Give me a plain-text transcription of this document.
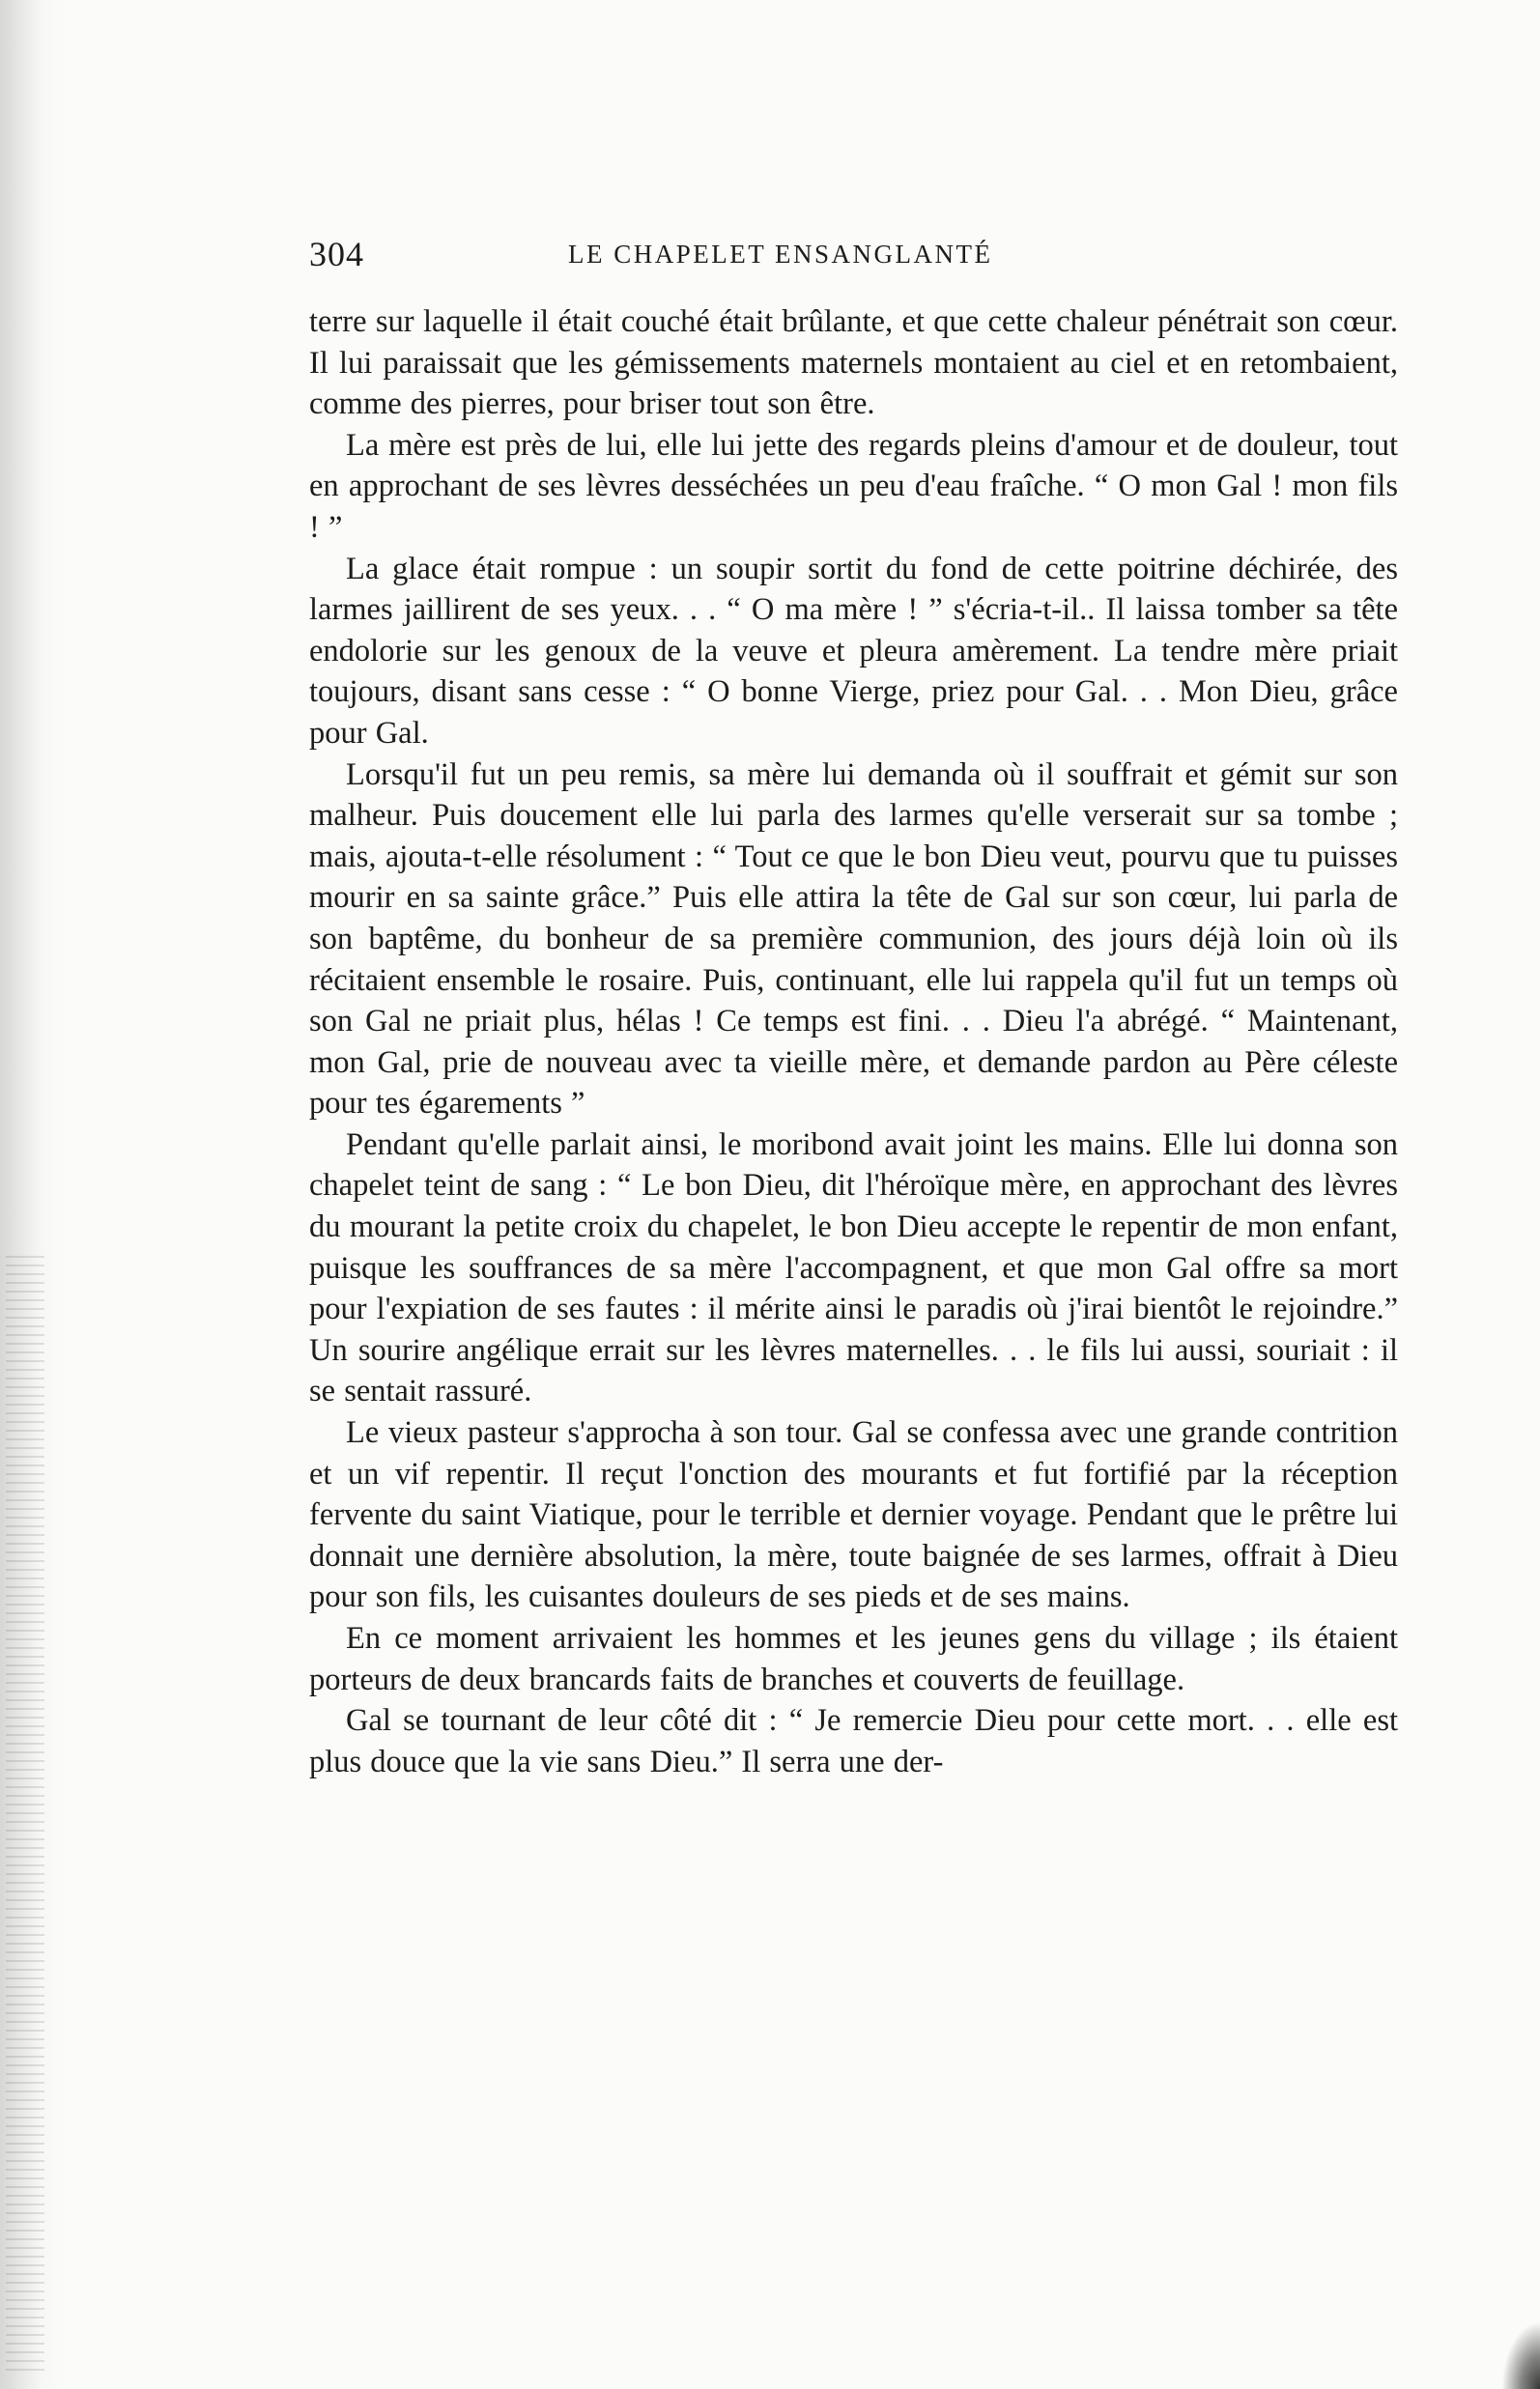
304	LE CHAPELET ENSANGLANTÉ

terre sur laquelle il était couché était brûlante, et que cette chaleur pénétrait son cœur. Il lui paraissait que les gémissements maternels montaient au ciel et en retombaient, comme des pierres, pour briser tout son être.

La mère est près de lui, elle lui jette des regards pleins d'amour et de douleur, tout en approchant de ses lèvres desséchées un peu d'eau fraîche. “ O mon Gal ! mon fils ! ”

La glace était rompue : un soupir sortit du fond de cette poitrine déchirée, des larmes jaillirent de ses yeux. . . “ O ma mère ! ” s'écria-t-il.. Il laissa tomber sa tête endolorie sur les genoux de la veuve et pleura amèrement. La tendre mère priait toujours, disant sans cesse : “ O bonne Vierge, priez pour Gal. . . Mon Dieu, grâce pour Gal.

Lorsqu'il fut un peu remis, sa mère lui demanda où il souffrait et gémit sur son malheur. Puis doucement elle lui parla des larmes qu'elle verserait sur sa tombe ; mais, ajouta-t-elle résolument : “ Tout ce que le bon Dieu veut, pourvu que tu puisses mourir en sa sainte grâce.” Puis elle attira la tête de Gal sur son cœur, lui parla de son baptême, du bonheur de sa première communion, des jours déjà loin où ils récitaient ensemble le rosaire. Puis, continuant, elle lui rappela qu'il fut un temps où son Gal ne priait plus, hélas ! Ce temps est fini. . . Dieu l'a abrégé. “ Maintenant, mon Gal, prie de nouveau avec ta vieille mère, et demande pardon au Père céleste pour tes égarements ”

Pendant qu'elle parlait ainsi, le moribond avait joint les mains. Elle lui donna son chapelet teint de sang : “ Le bon Dieu, dit l'héroïque mère, en approchant des lèvres du mourant la petite croix du chapelet, le bon Dieu accepte le repentir de mon enfant, puisque les souffrances de sa mère l'accompagnent, et que mon Gal offre sa mort pour l'expiation de ses fautes : il mérite ainsi le paradis où j'irai bientôt le rejoindre.” Un sourire angélique errait sur les lèvres maternelles. . . le fils lui aussi, souriait : il se sentait rassuré.

Le vieux pasteur s'approcha à son tour. Gal se confessa avec une grande contrition et un vif repentir. Il reçut l'onction des mourants et fut fortifié par la réception fervente du saint Viatique, pour le terrible et dernier voyage. Pendant que le prêtre lui donnait une dernière absolution, la mère, toute baignée de ses larmes, offrait à Dieu pour son fils, les cuisantes douleurs de ses pieds et de ses mains.

En ce moment arrivaient les hommes et les jeunes gens du village ; ils étaient porteurs de deux brancards faits de branches et couverts de feuillage.

Gal se tournant de leur côté dit : “ Je remercie Dieu pour cette mort. . . elle est plus douce que la vie sans Dieu.” Il serra une der-
